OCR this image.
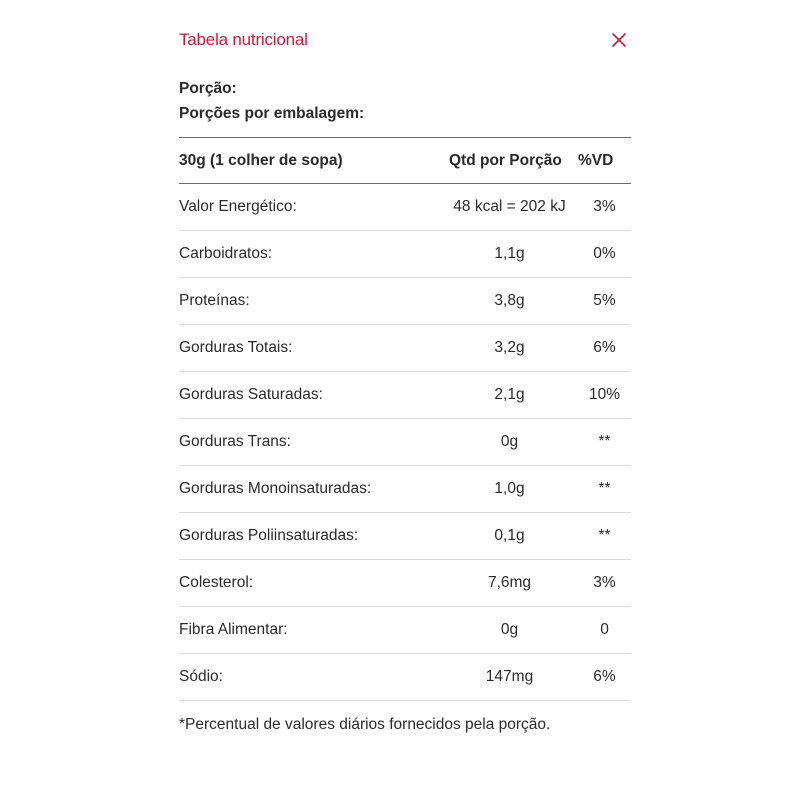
Tabela nutricional
Porção:
Porções por embalagem:
30g (1 colher de sopa)	Qtd por Porção	%VD
Valor Energético:	48 kcal = 202 kJ	3%
Carboidratos:	1,1g	0%
Proteínas:	3,8g	5%
Gorduras Totais:	3,2g	6%
Gorduras Saturadas:	2,1g	10%
Gorduras Trans:	0g	**
Gorduras Monoinsaturadas:	1,0g	**
Gorduras Poliinsaturadas:	0,1g	**
Colesterol:	7,6mg	3%
Fibra Alimentar:	0g	0
Sódio:	147mg	6%
*Percentual de valores diários fornecidos pela porção.
